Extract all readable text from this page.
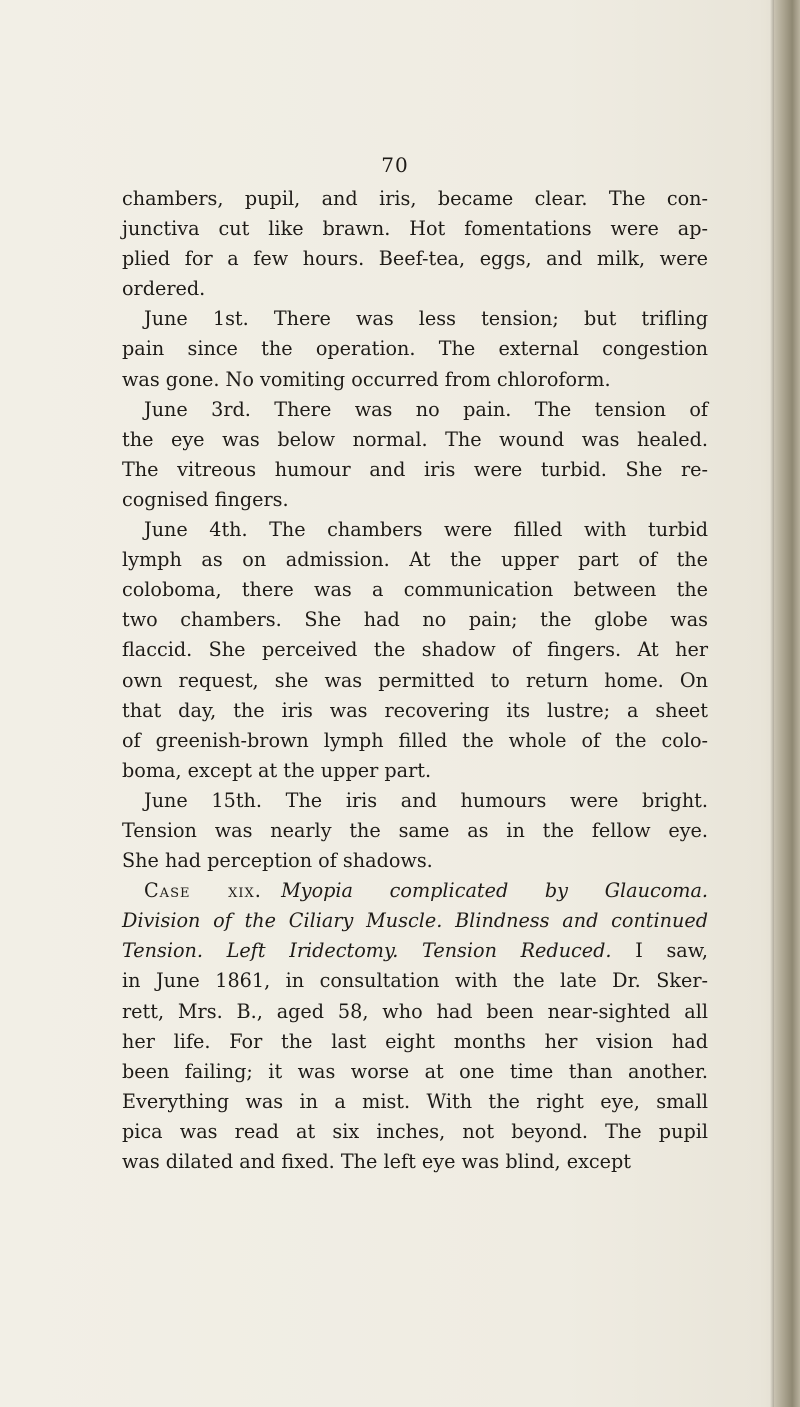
70
chambers, pupil, and iris, became clear. The con-
junctiva cut like brawn. Hot fomentations were ap-
plied for a few hours. Beef-tea, eggs, and milk, were
ordered.
June 1st. There was less tension; but trifling
pain since the operation. The external congestion
was gone. No vomiting occurred from chloroform.
June 3rd. There was no pain. The tension of
the eye was below normal. The wound was healed.
The vitreous humour and iris were turbid. She re-
cognised fingers.
June 4th. The chambers were filled with turbid
lymph as on admission. At the upper part of the
coloboma, there was a communication between the
two chambers. She had no pain; the globe was
flaccid. She perceived the shadow of fingers. At her
own request, she was permitted to return home. On
that day, the iris was recovering its lustre; a sheet
of greenish-brown lymph filled the whole of the colo-
boma, except at the upper part.
June 15th. The iris and humours were bright.
Tension was nearly the same as in the fellow eye.
She had perception of shadows.
Case xix.  Myopia complicated by Glaucoma.
Division of the Ciliary Muscle. Blindness and continued
Tension. Left Iridectomy. Tension Reduced. I saw,
in June 1861, in consultation with the late Dr. Sker-
rett, Mrs. B., aged 58, who had been near-sighted all
her life. For the last eight months her vision had
been failing; it was worse at one time than another.
Everything was in a mist. With the right eye, small
pica was read at six inches, not beyond. The pupil
was dilated and fixed. The left eye was blind, except
